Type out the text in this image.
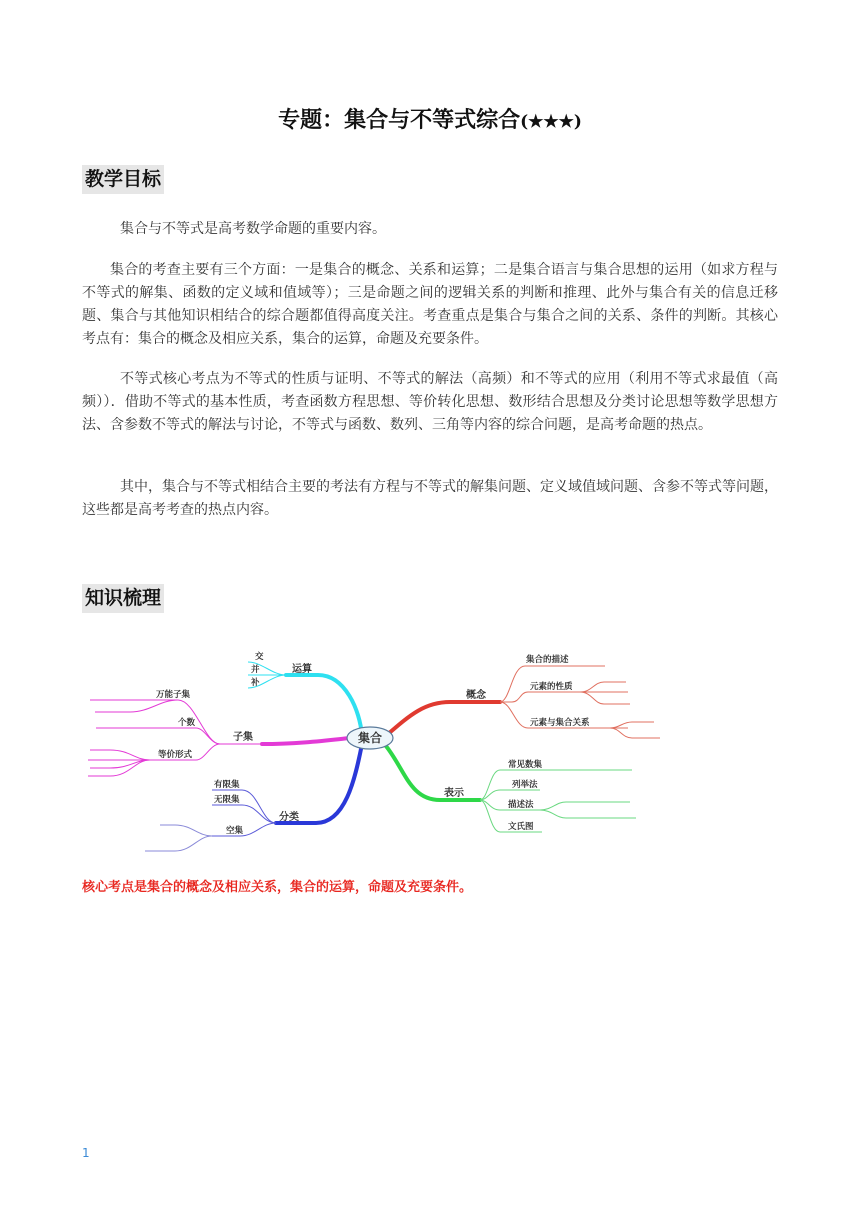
专题：集合与不等式综合(★★★)
教学目标

集合与不等式是高考数学命题的重要内容。

集合的考查主要有三个方面：一是集合的概念、关系和运算；二是集合语言与集合思想的运用（如求方程与不等式的解集、函数的定义域和值域等）；三是命题之间的逻辑关系的判断和推理、此外与集合有关的信息迁移题、集合与其他知识相结合的综合题都值得高度关注。考查重点是集合与集合之间的关系、条件的判断。其核心考点有：集合的概念及相应关系，集合的运算，命题及充要条件。

不等式核心考点为不等式的性质与证明、不等式的解法（高频）和不等式的应用（利用不等式求最值（高频））．借助不等式的基本性质，考查函数方程思想、等价转化思想、数形结合思想及分类讨论思想等数学思想方法、含参数不等式的解法与讨论，不等式与函数、数列、三角等内容的综合问题，是高考命题的热点。

其中，集合与不等式相结合主要的考法有方程与不等式的解集问题、定义域值域问题、含参不等式等问题，这些都是高考考查的热点内容。

知识梳理
运算
交
并
补
子集
万能子集
个数
等价形式
分类
有限集
无限集
空集
概念
集合的描述
元素的性质
元素与集合关系
表示
常见数集
列举法
描述法
文氏图
集合

核心考点是集合的概念及相应关系，集合的运算，命题及充要条件。

1
